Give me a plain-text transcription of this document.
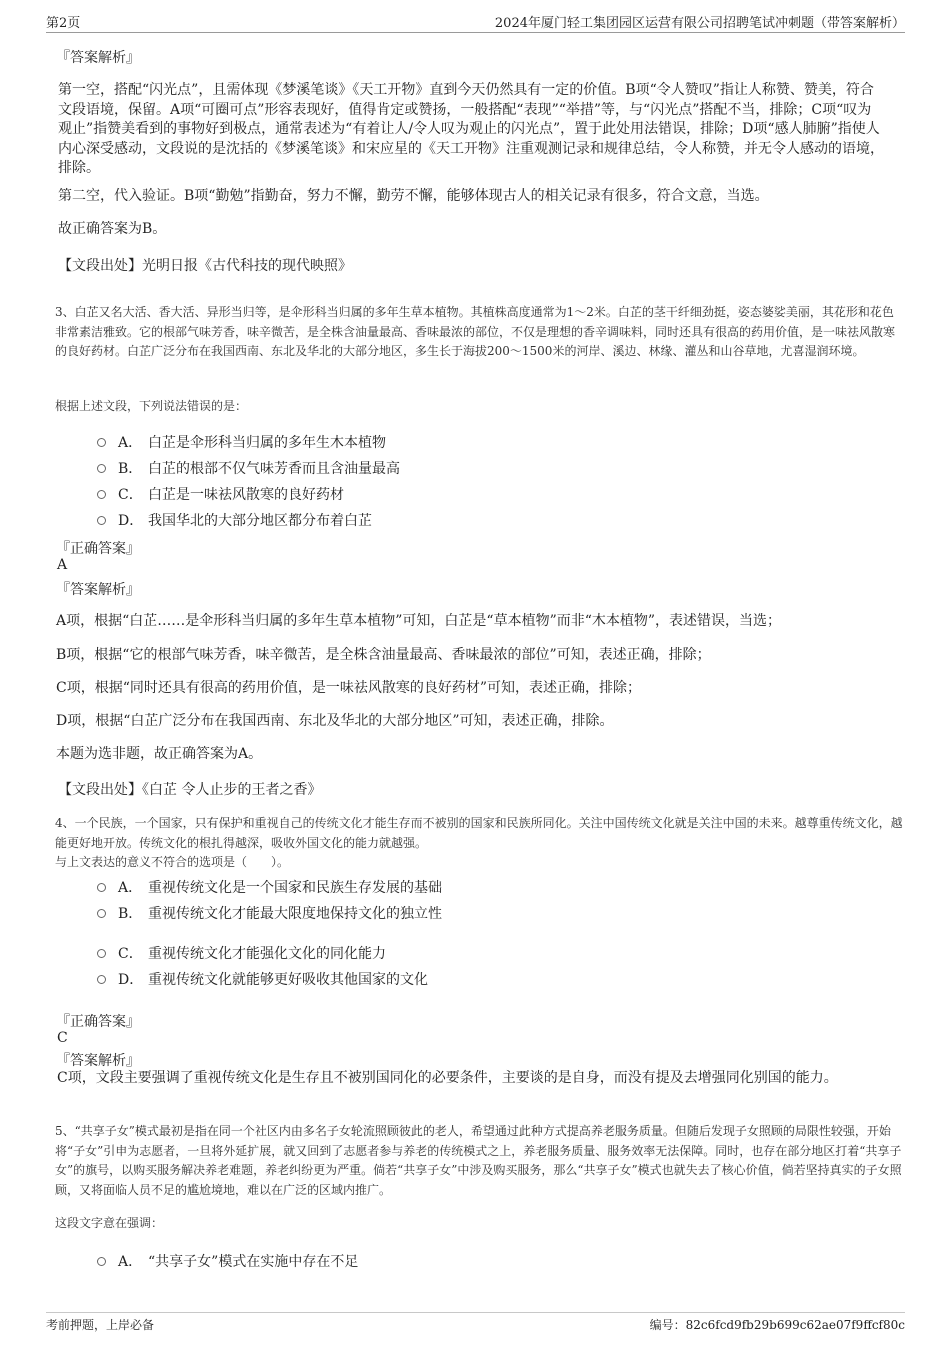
第2页	2024年厦门轻工集团园区运营有限公司招聘笔试冲刺题（带答案解析）
『答案解析』
第一空，搭配“闪光点”，且需体现《梦溪笔谈》《天工开物》直到今天仍然具有一定的价值。B项“令人赞叹”指让人称赞、赞美，符合文段语境，保留。A项“可圈可点”形容表现好，值得肯定或赞扬，一般搭配“表现”“举措”等，与“闪光点”搭配不当，排除；C项“叹为观止”指赞美看到的事物好到极点，通常表述为“有着让人/令人叹为观止的闪光点”，置于此处用法错误，排除；D项“感人肺腑”指使人内心深受感动，文段说的是沈括的《梦溪笔谈》和宋应星的《天工开物》注重观测记录和规律总结，令人称赞，并无令人感动的语境，排除。
第二空，代入验证。B项“勤勉”指勤奋，努力不懈，勤劳不懈，能够体现古人的相关记录有很多，符合文意，当选。
故正确答案为B。
【文段出处】光明日报《古代科技的现代映照》
3、白芷又名大活、香大活、异形当归等，是伞形科当归属的多年生草本植物。其植株高度通常为1～2米。白芷的茎干纤细劲挺，姿态婆娑美丽，其花形和花色非常素洁雅致。它的根部气味芳香，味辛微苦，是全株含油量最高、香味最浓的部位，不仅是理想的香辛调味料，同时还具有很高的药用价值，是一味祛风散寒的良好药材。白芷广泛分布在我国西南、东北及华北的大部分地区，多生长于海拔200～1500米的河岸、溪边、林缘、灌丛和山谷草地，尤喜湿润环境。
根据上述文段，下列说法错误的是：
A． 白芷是伞形科当归属的多年生木本植物
B． 白芷的根部不仅气味芳香而且含油量最高
C． 白芷是一味祛风散寒的良好药材
D． 我国华北的大部分地区都分布着白芷
『正确答案』
A
『答案解析』
A项，根据“白芷……是伞形科当归属的多年生草本植物”可知，白芷是“草本植物”而非“木本植物”，表述错误，当选；
B项，根据“它的根部气味芳香，味辛微苦，是全株含油量最高、香味最浓的部位”可知，表述正确，排除；
C项，根据“同时还具有很高的药用价值，是一味祛风散寒的良好药材”可知，表述正确，排除；
D项，根据“白芷广泛分布在我国西南、东北及华北的大部分地区”可知，表述正确，排除。
本题为选非题，故正确答案为A。
【文段出处】《白芷 令人止步的王者之香》
4、一个民族，一个国家，只有保护和重视自己的传统文化才能生存而不被别的国家和民族所同化。关注中国传统文化就是关注中国的未来。越尊重传统文化，越能更好地开放。传统文化的根扎得越深，吸收外国文化的能力就越强。
与上文表达的意义不符合的选项是（　　）。
A． 重视传统文化是一个国家和民族生存发展的基础
B． 重视传统文化才能最大限度地保持文化的独立性
C． 重视传统文化才能强化文化的同化能力
D． 重视传统文化就能够更好吸收其他国家的文化
『正确答案』
C
『答案解析』
C项，文段主要强调了重视传统文化是生存且不被别国同化的必要条件，主要谈的是自身，而没有提及去增强同化别国的能力。
5、“共享子女”模式最初是指在同一个社区内由多名子女轮流照顾彼此的老人，希望通过此种方式提高养老服务质量。但随后发现子女照顾的局限性较强，开始将“子女”引申为志愿者，一旦将外延扩展，就又回到了志愿者参与养老的传统模式之上，养老服务质量、服务效率无法保障。同时，也存在部分地区打着“共享子女”的旗号，以购买服务解决养老难题，养老纠纷更为严重。倘若“共享子女”中涉及购买服务，那么“共享子女”模式也就失去了核心价值，倘若坚持真实的子女照顾，又将面临人员不足的尴尬境地，难以在广泛的区域内推广。
这段文字意在强调：
A． “共享子女”模式在实施中存在不足
考前押题，上岸必备	编号：82c6fcd9fb29b699c62ae07f9ffcf80c
